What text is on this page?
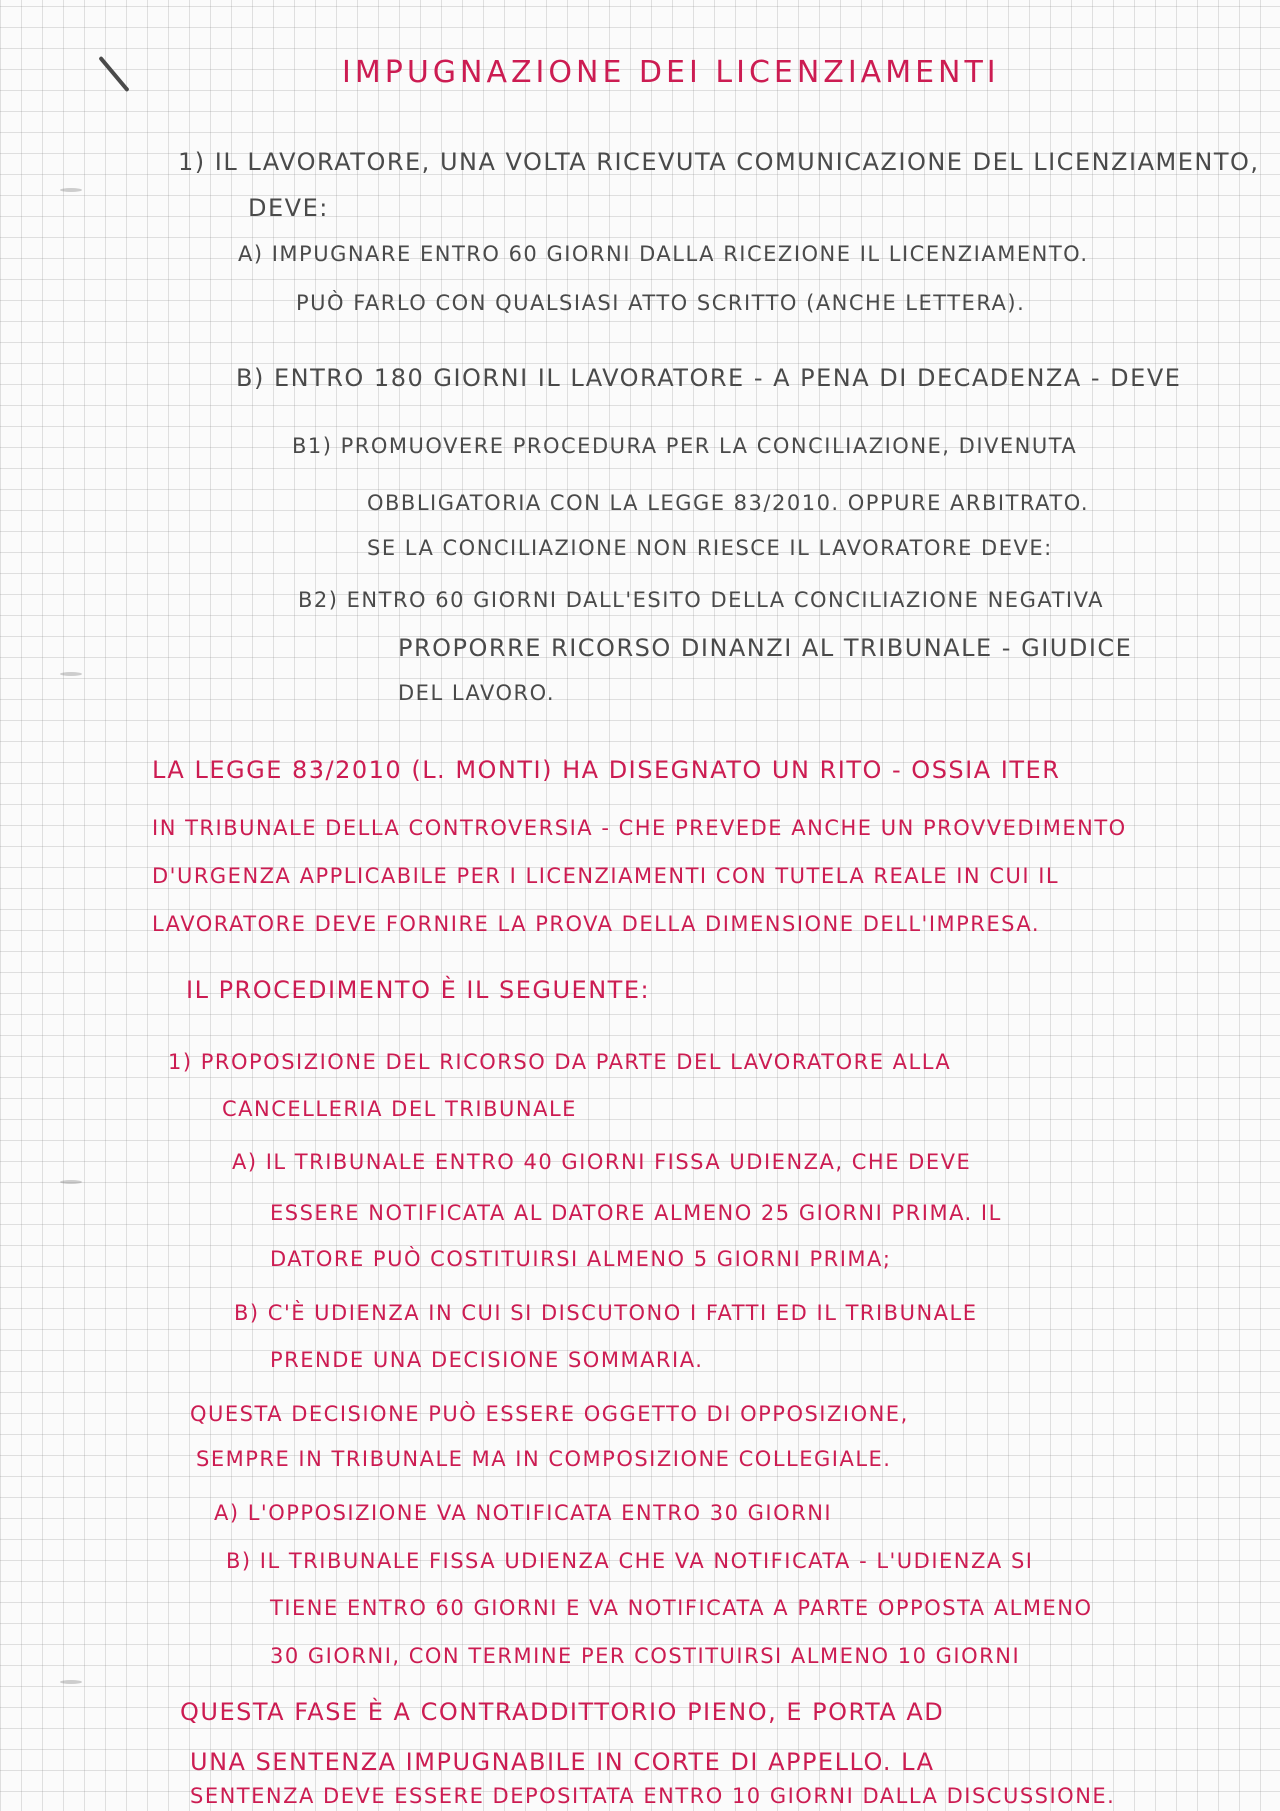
IMPUGNAZIONE DEI LICENZIAMENTI
1) IL LAVORATORE, UNA VOLTA RICEVUTA COMUNICAZIONE DEL LICENZIAMENTO,
DEVE:
A) IMPUGNARE ENTRO 60 GIORNI DALLA RICEZIONE IL LICENZIAMENTO.
PUÒ FARLO CON QUALSIASI ATTO SCRITTO (ANCHE LETTERA).
B) ENTRO 180 GIORNI IL LAVORATORE - A PENA DI DECADENZA - DEVE
B1) PROMUOVERE PROCEDURA PER LA CONCILIAZIONE, DIVENUTA
OBBLIGATORIA CON LA LEGGE 83/2010. OPPURE ARBITRATO.
SE LA CONCILIAZIONE NON RIESCE IL LAVORATORE DEVE:
B2) ENTRO 60 GIORNI DALL'ESITO DELLA CONCILIAZIONE NEGATIVA
PROPORRE RICORSO DINANZI AL TRIBUNALE - GIUDICE
DEL LAVORO.
LA LEGGE 83/2010 (L. MONTI) HA DISEGNATO UN RITO - OSSIA ITER
IN TRIBUNALE DELLA CONTROVERSIA - CHE PREVEDE ANCHE UN PROVVEDIMENTO
D'URGENZA APPLICABILE PER I LICENZIAMENTI CON TUTELA REALE IN CUI IL
LAVORATORE DEVE FORNIRE LA PROVA DELLA DIMENSIONE DELL'IMPRESA.
IL PROCEDIMENTO È IL SEGUENTE:
1) PROPOSIZIONE DEL RICORSO DA PARTE DEL LAVORATORE ALLA
CANCELLERIA DEL TRIBUNALE
A) IL TRIBUNALE ENTRO 40 GIORNI FISSA UDIENZA, CHE DEVE
ESSERE NOTIFICATA AL DATORE ALMENO 25 GIORNI PRIMA. IL
DATORE PUÒ COSTITUIRSI ALMENO 5 GIORNI PRIMA;
B) C'È UDIENZA IN CUI SI DISCUTONO I FATTI ED IL TRIBUNALE
PRENDE UNA DECISIONE SOMMARIA.
QUESTA DECISIONE PUÒ ESSERE OGGETTO DI OPPOSIZIONE,
SEMPRE IN TRIBUNALE MA IN COMPOSIZIONE COLLEGIALE.
A) L'OPPOSIZIONE VA NOTIFICATA ENTRO 30 GIORNI
B) IL TRIBUNALE FISSA UDIENZA CHE VA NOTIFICATA - L'UDIENZA SI
TIENE ENTRO 60 GIORNI E VA NOTIFICATA A PARTE OPPOSTA ALMENO
30 GIORNI, CON TERMINE PER COSTITUIRSI ALMENO 10 GIORNI
QUESTA FASE È A CONTRADDITTORIO PIENO, E PORTA AD
UNA SENTENZA IMPUGNABILE IN CORTE DI APPELLO. LA
SENTENZA DEVE ESSERE DEPOSITATA ENTRO 10 GIORNI DALLA DISCUSSIONE.
